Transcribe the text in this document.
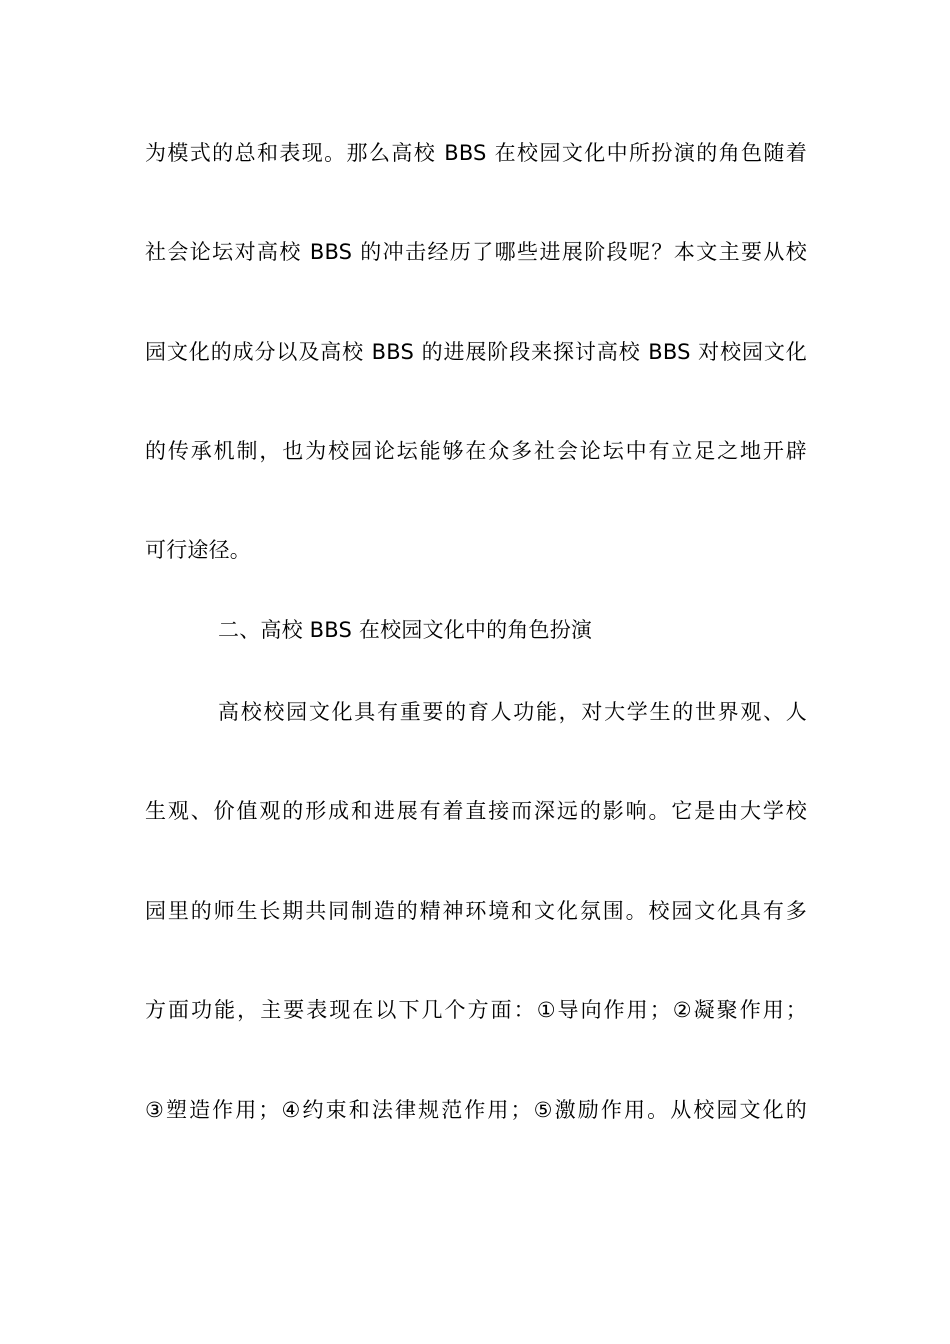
为模式的总和表现。那么高校 BBS 在校园文化中所扮演的角色随着
社会论坛对高校 BBS 的冲击经历了哪些进展阶段呢？本文主要从校
园文化的成分以及高校 BBS 的进展阶段来探讨高校 BBS 对校园文化
的传承机制，也为校园论坛能够在众多社会论坛中有立足之地开辟
可行途径。
二、高校 BBS 在校园文化中的角色扮演
高校校园文化具有重要的育人功能，对大学生的世界观、人
生观、价值观的形成和进展有着直接而深远的影响。它是由大学校
园里的师生长期共同制造的精神环境和文化氛围。校园文化具有多
方面功能，主要表现在以下几个方面：①导向作用；②凝聚作用；
③塑造作用；④约束和法律规范作用；⑤激励作用。从校园文化的
